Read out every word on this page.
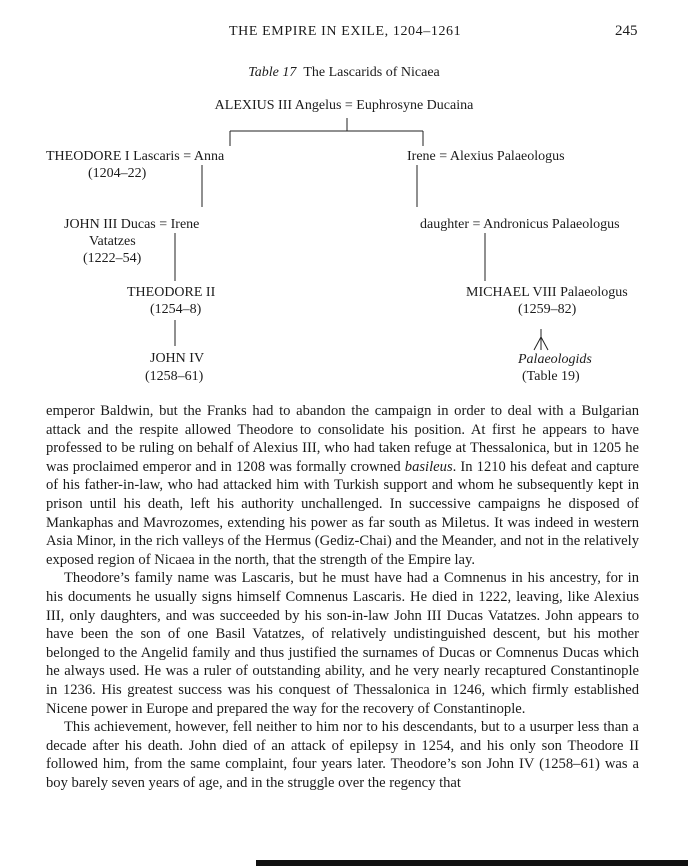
THE EMPIRE IN EXILE, 1204–1261	245
Table 17 The Lascarids of Nicaea
ALEXIUS III Angelus = Euphrosyne Ducaina
THEODORE I Lascaris = Anna
(1204–22)
JOHN III Ducas = Irene
Vatatzes
(1222–54)
THEODORE II
(1254–8)
JOHN IV
(1258–61)
Irene = Alexius Palaeologus
daughter = Andronicus Palaeologus
MICHAEL VIII Palaeologus
(1259–82)
Palaeologids
(Table 19)

emperor Baldwin, but the Franks had to abandon the campaign in order to deal with a Bulgarian attack and the respite allowed Theodore to consolidate his position. At first he appears to have professed to be ruling on behalf of Alexius III, who had taken refuge at Thessalonica, but in 1205 he was proclaimed emperor and in 1208 was formally crowned basileus. In 1210 his defeat and capture of his father-in-law, who had attacked him with Turkish support and whom he subsequently kept in prison until his death, left his authority unchallenged. In successive campaigns he disposed of Mankaphas and Mavrozomes, extending his power as far south as Miletus. It was indeed in western Asia Minor, in the rich valleys of the Hermus (Gediz-Chai) and the Meander, and not in the relatively exposed region of Nicaea in the north, that the strength of the Empire lay.

Theodore’s family name was Lascaris, but he must have had a Comnenus in his ancestry, for in his documents he usually signs himself Comnenus Lascaris. He died in 1222, leaving, like Alexius III, only daughters, and was succeeded by his son-in-law John III Ducas Vatatzes. John appears to have been the son of one Basil Vatatzes, of relatively undistinguished descent, but his mother belonged to the Angelid family and thus justified the surnames of Ducas or Comnenus Ducas which he always used. He was a ruler of outstanding ability, and he very nearly recaptured Constantinople in 1236. His greatest success was his conquest of Thessalonica in 1246, which firmly established Nicene power in Europe and prepared the way for the recovery of Constantinople.

This achievement, however, fell neither to him nor to his descendants, but to a usurper less than a decade after his death. John died of an attack of epilepsy in 1254, and his only son Theodore II followed him, from the same complaint, four years later. Theodore’s son John IV (1258–61) was a boy barely seven years of age, and in the struggle over the regency that
